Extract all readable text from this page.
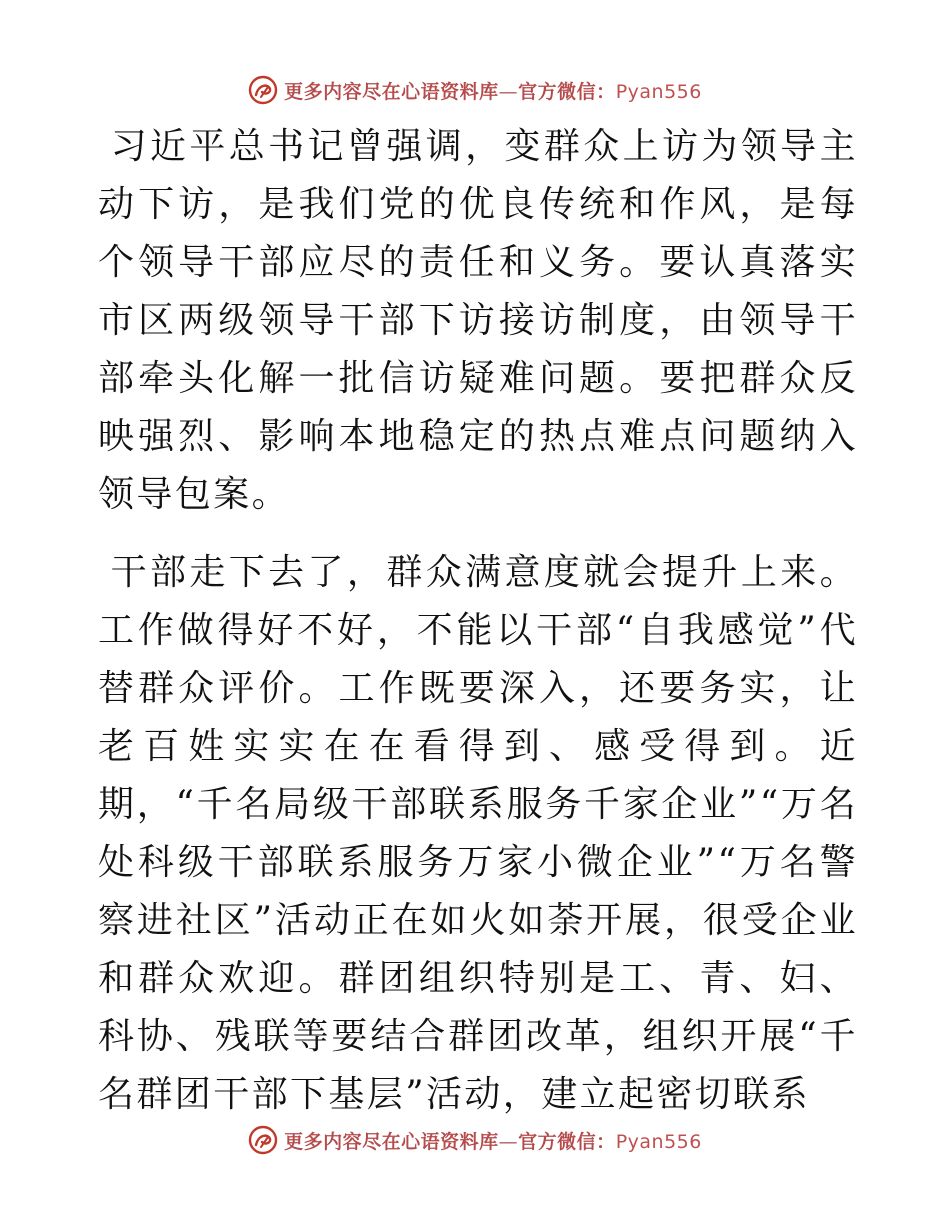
更多内容尽在心语资料库—官方微信：Pyan556

习近平总书记曾强调，变群众上访为领导主动下访，是我们党的优良传统和作风，是每个领导干部应尽的责任和义务。要认真落实市区两级领导干部下访接访制度，由领导干部牵头化解一批信访疑难问题。要把群众反映强烈、影响本地稳定的热点难点问题纳入领导包案。

干部走下去了，群众满意度就会提升上来。工作做得好不好，不能以干部“自我感觉”代替群众评价。工作既要深入，还要务实，让老百姓实实在在看得到、感受得到。近期，“千名局级干部联系服务千家企业”“万名处科级干部联系服务万家小微企业”“万名警察进社区”活动正在如火如荼开展，很受企业和群众欢迎。群团组织特别是工、青、妇、科协、残联等要结合群团改革，组织开展“千名群团干部下基层”活动，建立起密切联系

更多内容尽在心语资料库—官方微信：Pyan556
